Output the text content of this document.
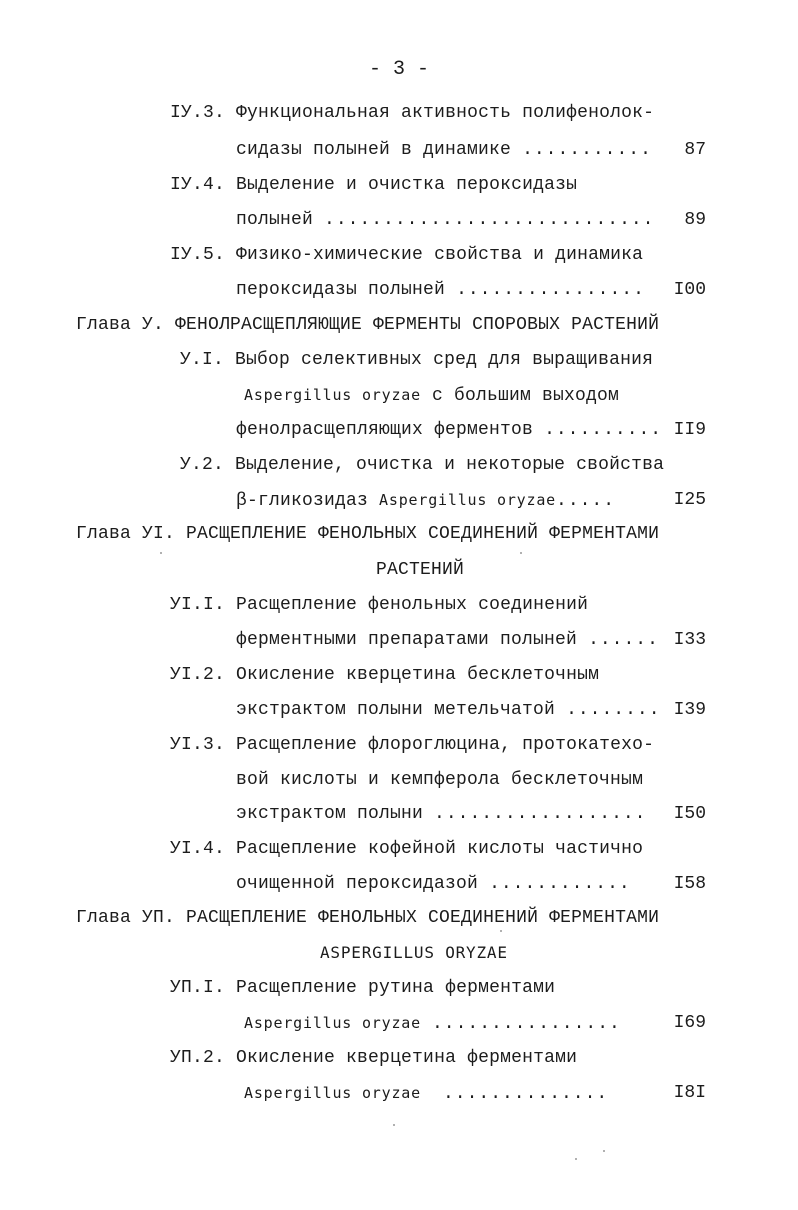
- 3 -
IУ.3. Функциональная активность полифенолок-
сидазы полыней в динамике ...........	87
IУ.4. Выделение и очистка пероксидазы
полыней ............................	89
IУ.5. Физико-химические свойства и динамика
пероксидазы полыней ................	I00
Глава У. ФЕНОЛРАСЩЕПЛЯЮЩИЕ ФЕРМЕНТЫ СПОРОВЫХ РАСТЕНИЙ
У.I. Выбор селективных сред для выращивания
Aspergillus oryzae с большим выходом
фенолрасщепляющих ферментов .......... II9
У.2. Выделение, очистка и некоторые свойства
β-гликозидаз Aspergillus oryzae.....	I25
Глава УI. РАСЩЕПЛЕНИЕ ФЕНОЛЬНЫХ СОЕДИНЕНИЙ ФЕРМЕНТАМИ
РАСТЕНИЙ
УI.I. Расщепление фенольных соединений
ферментными препаратами полыней ...... I33
УI.2. Окисление кверцетина бесклеточным
экстрактом полыни метельчатой ........ I39
УI.3. Расщепление флороглюцина, протокатехо-
вой кислоты и кемпферола бесклеточным
экстрактом полыни ..................	I50
УI.4. Расщепление кофейной кислоты частично
очищенной пероксидазой ............	I58
Глава УП. РАСЩЕПЛЕНИЕ ФЕНОЛЬНЫХ СОЕДИНЕНИЙ ФЕРМЕНТАМИ
ASPERGILLUS ORYZAE
УП.I. Расщепление рутина ферментами
Aspergillus oryzae ................	I69
УП.2. Окисление кверцетина ферментами
Aspergillus oryzae ..............	I8I
